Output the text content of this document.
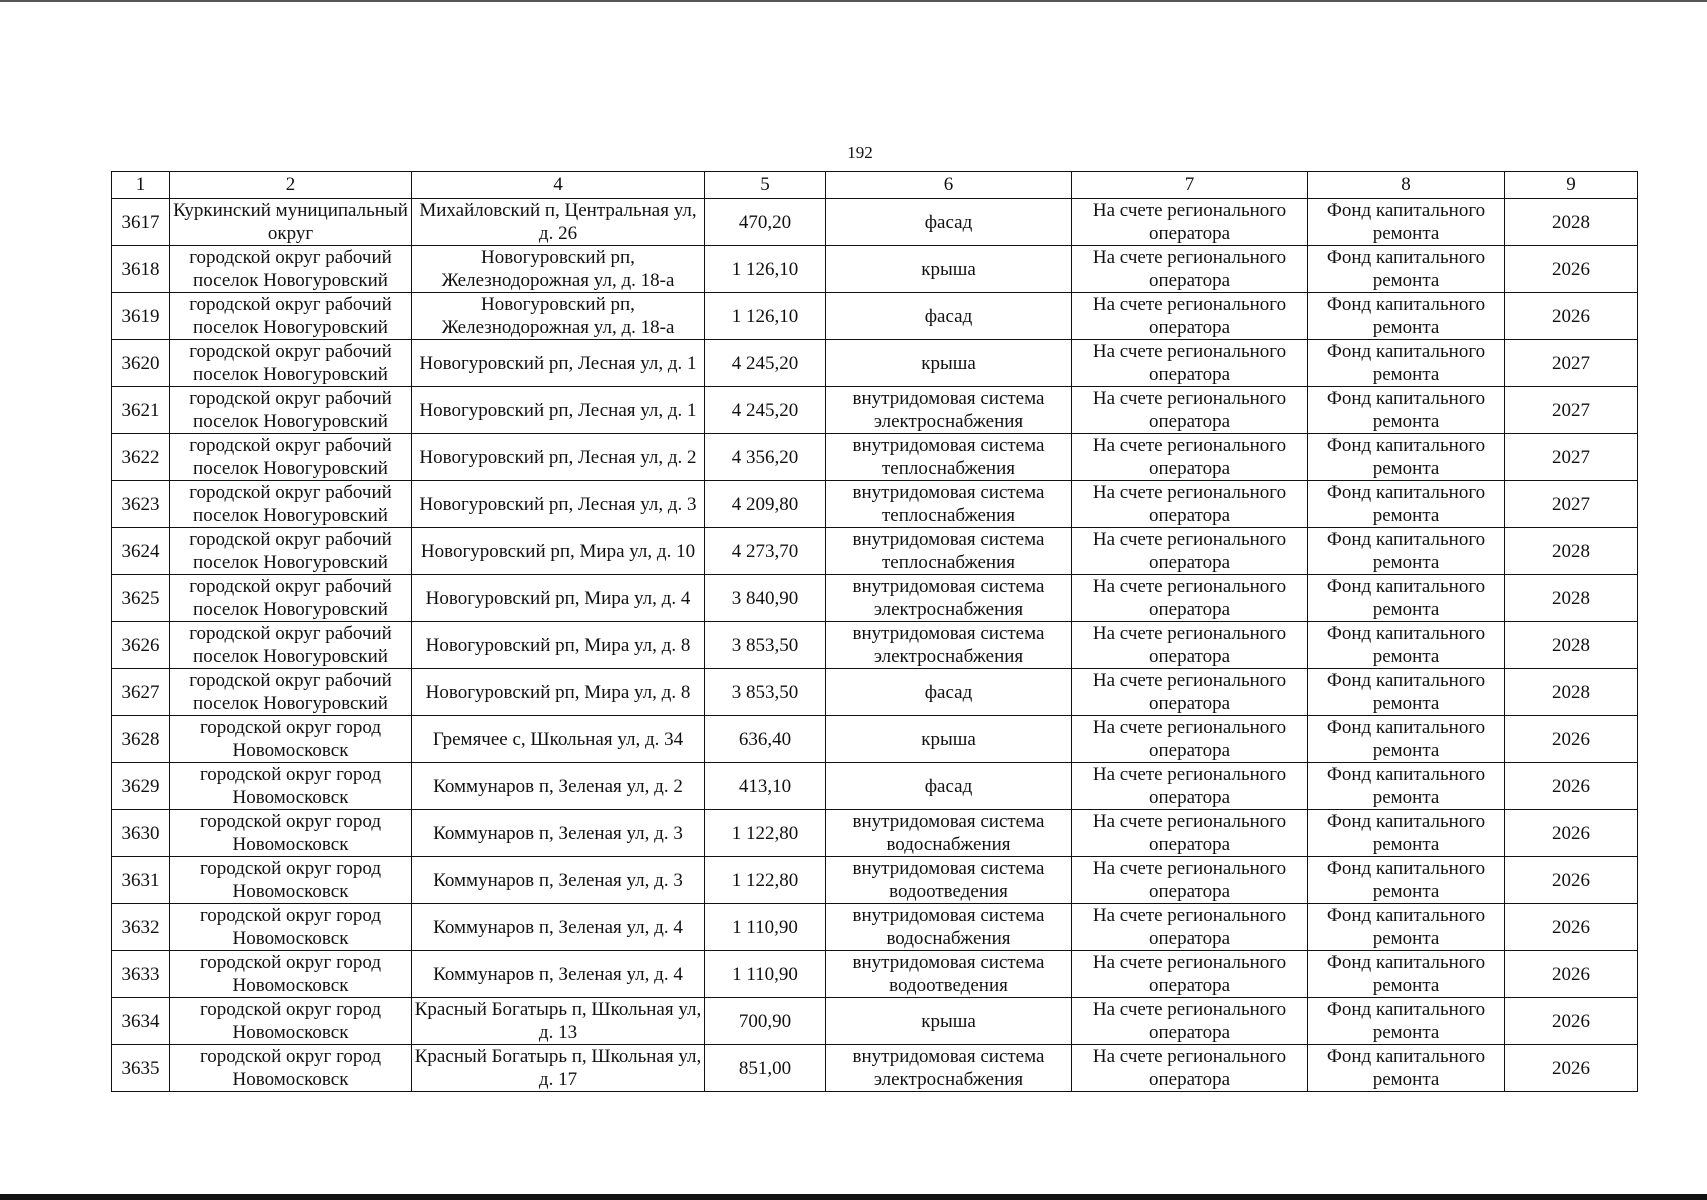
192
1	2	4	5	6	7	8	9
3617	Куркинский муниципальный округ	Михайловский п, Центральная ул, д. 26	470,20	фасад	На счете регионального оператора	Фонд капитального ремонта	2028
3618	городской округ рабочий поселок Новогуровский	Новогуровский рп, Железнодорожная ул, д. 18-а	1 126,10	крыша	На счете регионального оператора	Фонд капитального ремонта	2026
3619	городской округ рабочий поселок Новогуровский	Новогуровский рп, Железнодорожная ул, д. 18-а	1 126,10	фасад	На счете регионального оператора	Фонд капитального ремонта	2026
3620	городской округ рабочий поселок Новогуровский	Новогуровский рп, Лесная ул, д. 1	4 245,20	крыша	На счете регионального оператора	Фонд капитального ремонта	2027
3621	городской округ рабочий поселок Новогуровский	Новогуровский рп, Лесная ул, д. 1	4 245,20	внутридомовая система электроснабжения	На счете регионального оператора	Фонд капитального ремонта	2027
3622	городской округ рабочий поселок Новогуровский	Новогуровский рп, Лесная ул, д. 2	4 356,20	внутридомовая система теплоснабжения	На счете регионального оператора	Фонд капитального ремонта	2027
3623	городской округ рабочий поселок Новогуровский	Новогуровский рп, Лесная ул, д. 3	4 209,80	внутридомовая система теплоснабжения	На счете регионального оператора	Фонд капитального ремонта	2027
3624	городской округ рабочий поселок Новогуровский	Новогуровский рп, Мира ул, д. 10	4 273,70	внутридомовая система теплоснабжения	На счете регионального оператора	Фонд капитального ремонта	2028
3625	городской округ рабочий поселок Новогуровский	Новогуровский рп, Мира ул, д. 4	3 840,90	внутридомовая система электроснабжения	На счете регионального оператора	Фонд капитального ремонта	2028
3626	городской округ рабочий поселок Новогуровский	Новогуровский рп, Мира ул, д. 8	3 853,50	внутридомовая система электроснабжения	На счете регионального оператора	Фонд капитального ремонта	2028
3627	городской округ рабочий поселок Новогуровский	Новогуровский рп, Мира ул, д. 8	3 853,50	фасад	На счете регионального оператора	Фонд капитального ремонта	2028
3628	городской округ город Новомосковск	Гремячее с, Школьная ул, д. 34	636,40	крыша	На счете регионального оператора	Фонд капитального ремонта	2026
3629	городской округ город Новомосковск	Коммунаров п, Зеленая ул, д. 2	413,10	фасад	На счете регионального оператора	Фонд капитального ремонта	2026
3630	городской округ город Новомосковск	Коммунаров п, Зеленая ул, д. 3	1 122,80	внутридомовая система водоснабжения	На счете регионального оператора	Фонд капитального ремонта	2026
3631	городской округ город Новомосковск	Коммунаров п, Зеленая ул, д. 3	1 122,80	внутридомовая система водоотведения	На счете регионального оператора	Фонд капитального ремонта	2026
3632	городской округ город Новомосковск	Коммунаров п, Зеленая ул, д. 4	1 110,90	внутридомовая система водоснабжения	На счете регионального оператора	Фонд капитального ремонта	2026
3633	городской округ город Новомосковск	Коммунаров п, Зеленая ул, д. 4	1 110,90	внутридомовая система водоотведения	На счете регионального оператора	Фонд капитального ремонта	2026
3634	городской округ город Новомосковск	Красный Богатырь п, Школьная ул, д. 13	700,90	крыша	На счете регионального оператора	Фонд капитального ремонта	2026
3635	городской округ город Новомосковск	Красный Богатырь п, Школьная ул, д. 17	851,00	внутридомовая система электроснабжения	На счете регионального оператора	Фонд капитального ремонта	2026
